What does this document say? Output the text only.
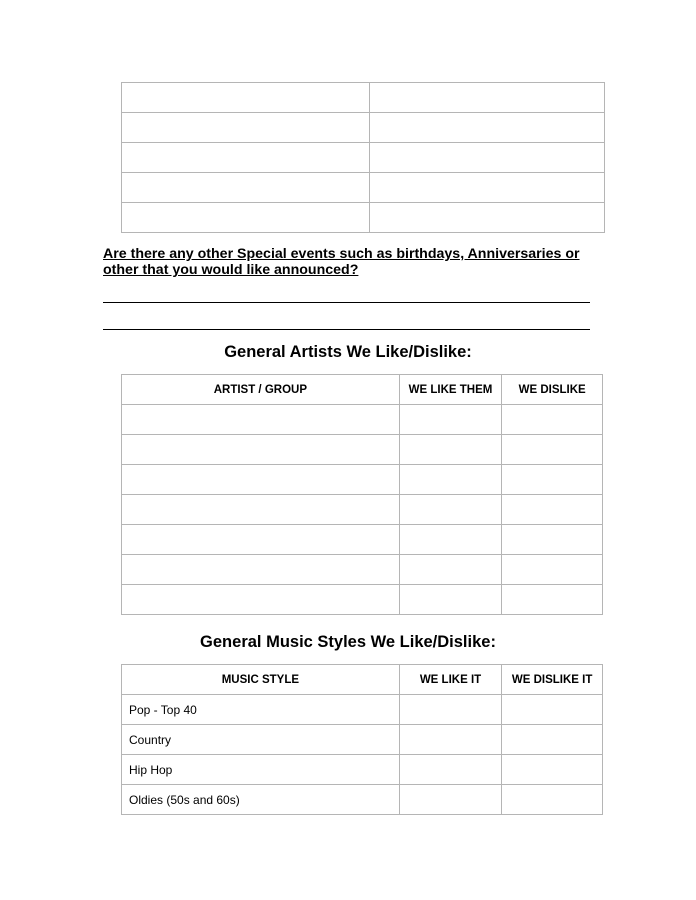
Are there any other Special events such as birthdays, Anniversaries or other that you would like announced?
General Artists We Like/Dislike:
ARTIST / GROUP	WE LIKE THEM	WE DISLIKE

General Music Styles We Like/Dislike:
MUSIC STYLE	WE LIKE IT	WE DISLIKE IT
Pop - Top 40		
Country		
Hip Hop		
Oldies (50s and 60s)		
